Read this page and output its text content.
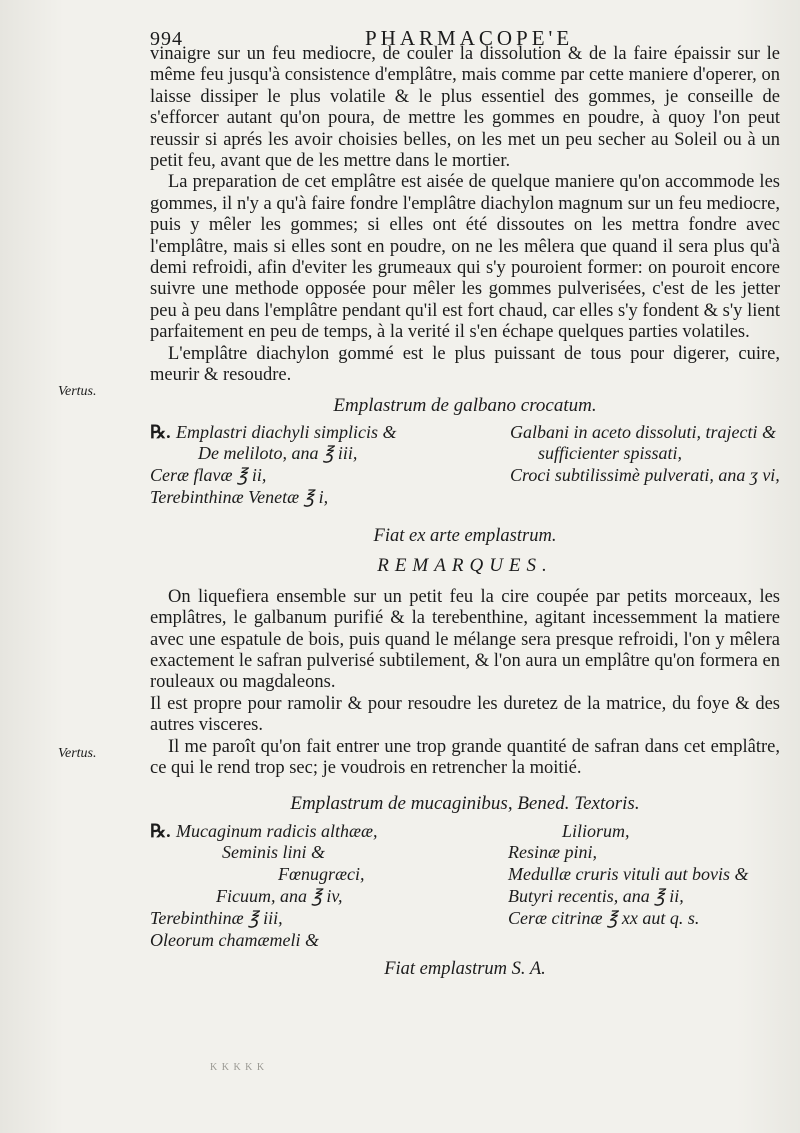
994	PHARMACOPE'E
Vertus.
Vertus.

vinaigre sur un feu mediocre, de couler la dissolution & de la faire épaissir sur le même feu jusqu'à consistence d'emplâtre, mais comme par cette maniere d'operer, on laisse dissiper le plus volatile & le plus essentiel des gommes, je conseille de s'efforcer autant qu'on poura, de mettre les gommes en poudre, à quoy l'on peut reussir si aprés les avoir choisies belles, on les met un peu secher au Soleil ou à un petit feu, avant que de les mettre dans le mortier.

La preparation de cet emplâtre est aisée de quelque maniere qu'on accommode les gommes, il n'y a qu'à faire fondre l'emplâtre diachylon magnum sur un feu mediocre, puis y mêler les gommes; si elles ont été dissoutes on les mettra fondre avec l'emplâtre, mais si elles sont en poudre, on ne les mêlera que quand il sera plus qu'à demi refroidi, afin d'eviter les grumeaux qui s'y pouroient former: on pouroit encore suivre une methode opposée pour mêler les gommes pulverisées, c'est de les jetter peu à peu dans l'emplâtre pendant qu'il est fort chaud, car elles s'y fondent & s'y lient parfaitement en peu de temps, à la verité il s'en échape quelques parties volatiles.

L'emplâtre diachylon gommé est le plus puissant de tous pour digerer, cuire, meurir & resoudre.

Emplastrum de galbano crocatum.
℞. Emplastri diachyli simplicis &
De meliloto, ana ℥ iii,
Ceræ flavæ ℥ ii,
Terebinthinæ Venetæ ℥ i,
Galbani in aceto dissoluti, trajecti &
sufficienter spissati,
Croci subtilissimè pulverati, ana ʒ vi,
Fiat ex arte emplastrum.
REMARQUES.

On liquefiera ensemble sur un petit feu la cire coupée par petits morceaux, les emplâtres, le galbanum purifié & la terebenthine, agitant incessemment la matiere avec une espatule de bois, puis quand le mélange sera presque refroidi, l'on y mêlera exactement le safran pulverisé subtilement, & l'on aura un emplâtre qu'on formera en rouleaux ou magdaleons.

Il est propre pour ramolir & pour resoudre les duretez de la matrice, du foye & des autres visceres.

Il me paroît qu'on fait entrer une trop grande quantité de safran dans cet emplâtre, ce qui le rend trop sec; je voudrois en retrencher la moitié.

Emplastrum de mucaginibus, Bened. Textoris.
℞. Mucaginum radicis althææ,
Seminis lini &
Fœnugræci,
Ficuum, ana ℥ iv,
Terebinthinæ ℥ iii,
Oleorum chamæmeli &
Liliorum,
Resinæ pini,
Medullæ cruris vituli aut bovis &
Butyri recentis, ana ℥ ii,
Ceræ citrinæ ℥ xx aut q. s.
Fiat emplastrum S. A.
K K K K K
